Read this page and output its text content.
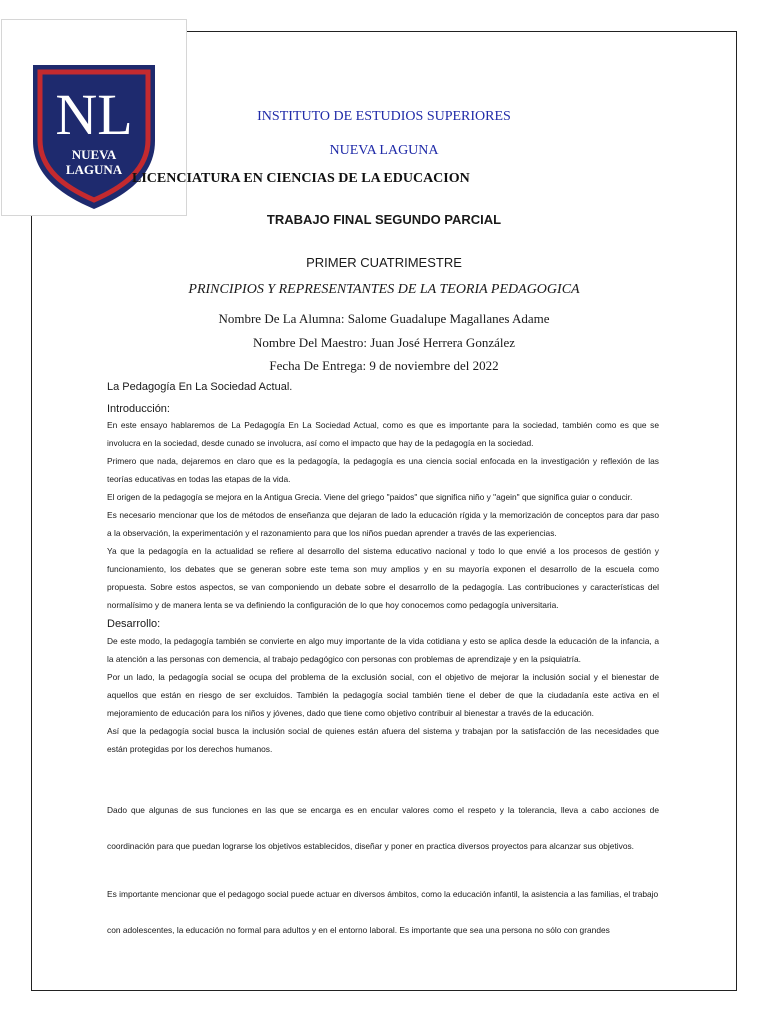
NL
NUEVA
LAGUNA
INSTITUTO DE ESTUDIOS SUPERIORES
NUEVA LAGUNA
LICENCIATURA EN CIENCIAS DE LA EDUCACION
TRABAJO FINAL SEGUNDO PARCIAL
PRIMER CUATRIMESTRE
PRINCIPIOS Y REPRESENTANTES DE LA TEORIA PEDAGOGICA
Nombre De La Alumna: Salome Guadalupe Magallanes Adame
Nombre Del Maestro: Juan José Herrera González
Fecha De Entrega: 9 de noviembre del 2022
La Pedagogía En La Sociedad Actual.
Introducción:
En este ensayo hablaremos de La Pedagogía En La Sociedad Actual, como es que es importante para la sociedad, también como es que se involucra en la sociedad, desde cunado se involucra, así como el impacto que hay de la pedagogía en la sociedad.
Primero que nada, dejaremos en claro que es la pedagogía, la pedagogía es una ciencia social enfocada en la investigación y reflexión de las teorías educativas en todas las etapas de la vida.
El origen de la pedagogía se mejora en la Antigua Grecia. Viene del griego "paidos" que significa niño y "agein" que significa guiar o conducir.
Es necesario mencionar que los de métodos de enseñanza que dejaran de lado la educación rígida y la memorización de conceptos para dar paso a la observación, la experimentación y el razonamiento para que los niños puedan aprender a través de las experiencias.
Ya que la pedagogía en la actualidad se refiere al desarrollo del sistema educativo nacional y todo lo que envié a los procesos de gestión y funcionamiento, los debates que se generan sobre este tema son muy amplios y en su mayoría exponen el desarrollo de la escuela como propuesta. Sobre estos aspectos, se van componiendo un debate sobre el desarrollo de la pedagogía. Las contribuciones y características del normalísimo y de manera lenta se va definiendo la configuración de lo que hoy conocemos como pedagogía universitaria.
Desarrollo:
De este modo, la pedagogía también se convierte en algo muy importante de la vida cotidiana y esto se aplica desde la educación de la infancia, a la atención a las personas con demencia, al trabajo pedagógico con personas con problemas de aprendizaje y en la psiquiatría.
Por un lado, la pedagogía social se ocupa del problema de la exclusión social, con el objetivo de mejorar la inclusión social y el bienestar de aquellos que están en riesgo de ser excluidos. También la pedagogía social también tiene el deber de que la ciudadanía este activa en el mejoramiento de educación para los niños y jóvenes, dado que tiene como objetivo contribuir al bienestar a través de la educación.
Así que la pedagogía social busca la inclusión social de quienes están afuera del sistema y trabajan por la satisfacción de las necesidades que están protegidas por los derechos humanos.
Dado que algunas de sus funciones en las que se encarga es en encular valores como el respeto y la tolerancia, lleva a cabo acciones de coordinación para que puedan lograrse los objetivos establecidos, diseñar y poner en practica diversos proyectos para alcanzar sus objetivos.
Es importante mencionar que el pedagogo social puede actuar en diversos ámbitos, como la educación infantil, la asistencia a las familias, el trabajo con adolescentes, la educación no formal para adultos y en el entorno laboral. Es importante que sea una persona no sólo con grandes
